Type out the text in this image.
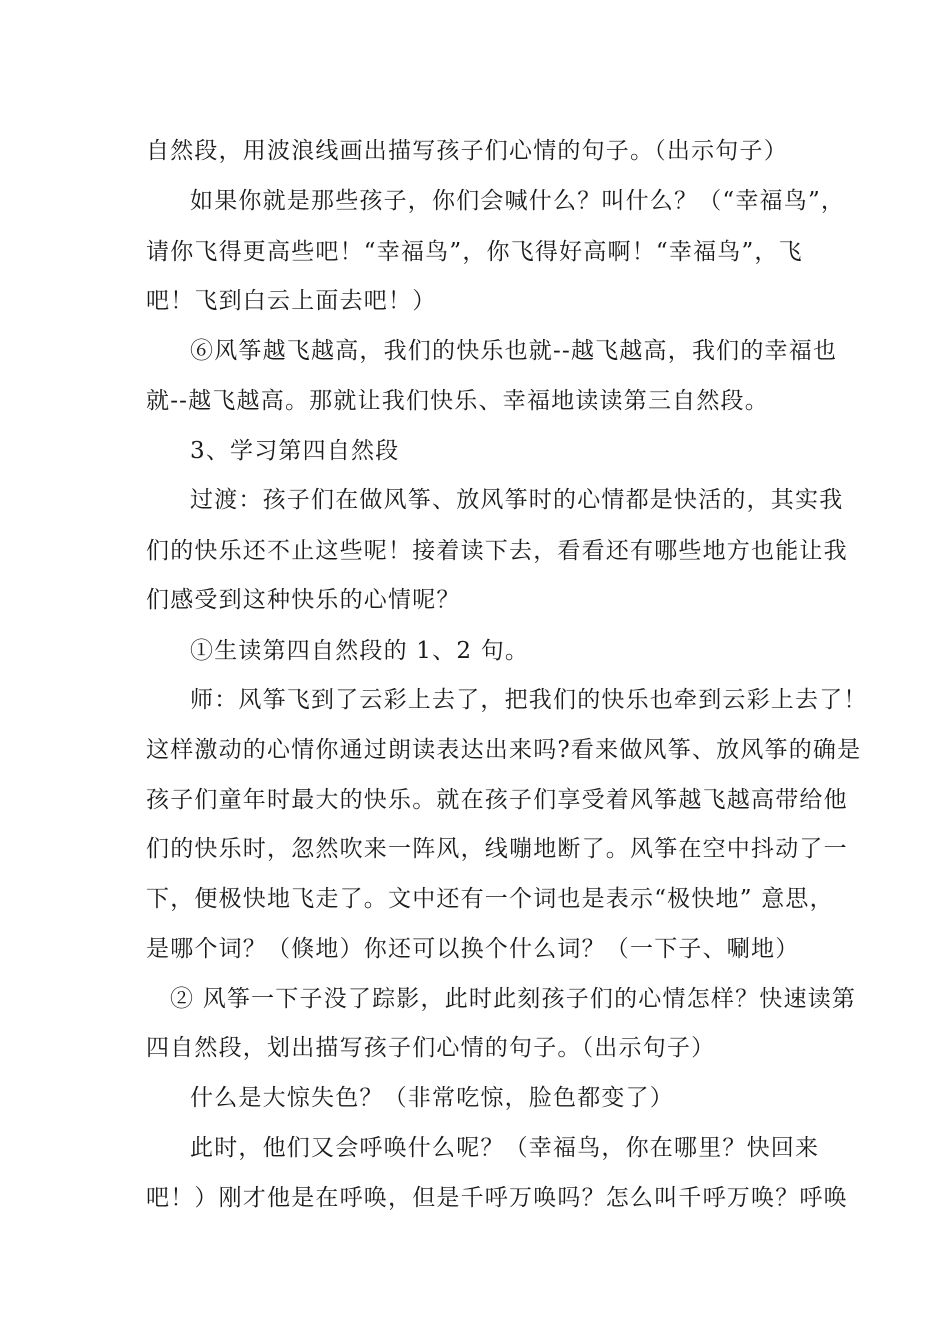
自然段，用波浪线画出描写孩子们心情的句子。（出示句子）
如果你就是那些孩子，你们会喊什么？叫什么？（“幸福鸟”，
请你飞得更高些吧！“幸福鸟”，你飞得好高啊！“幸福鸟”，飞
吧！飞到白云上面去吧！）
⑥风筝越飞越高，我们的快乐也就--越飞越高，我们的幸福也
就--越飞越高。那就让我们快乐、幸福地读读第三自然段。
3、学习第四自然段
过渡：孩子们在做风筝、放风筝时的心情都是快活的，其实我
们的快乐还不止这些呢！接着读下去，看看还有哪些地方也能让我
们感受到这种快乐的心情呢？
①生读第四自然段的 1、2 句。
师：风筝飞到了云彩上去了，把我们的快乐也牵到云彩上去了！
这样激动的心情你通过朗读表达出来吗?看来做风筝、放风筝的确是
孩子们童年时最大的快乐。就在孩子们享受着风筝越飞越高带给他
们的快乐时，忽然吹来一阵风，线嘣地断了。风筝在空中抖动了一
下，便极快地飞走了。文中还有一个词也是表示“极快地” 意思，
是哪个词？（倏地）你还可以换个什么词？（一下子、唰地）
② 风筝一下子没了踪影，此时此刻孩子们的心情怎样？快速读第
四自然段，划出描写孩子们心情的句子。（出示句子）
什么是大惊失色？（非常吃惊，脸色都变了）
此时，他们又会呼唤什么呢？（幸福鸟，你在哪里？快回来
吧！）刚才他是在呼唤，但是千呼万唤吗？怎么叫千呼万唤？呼唤
